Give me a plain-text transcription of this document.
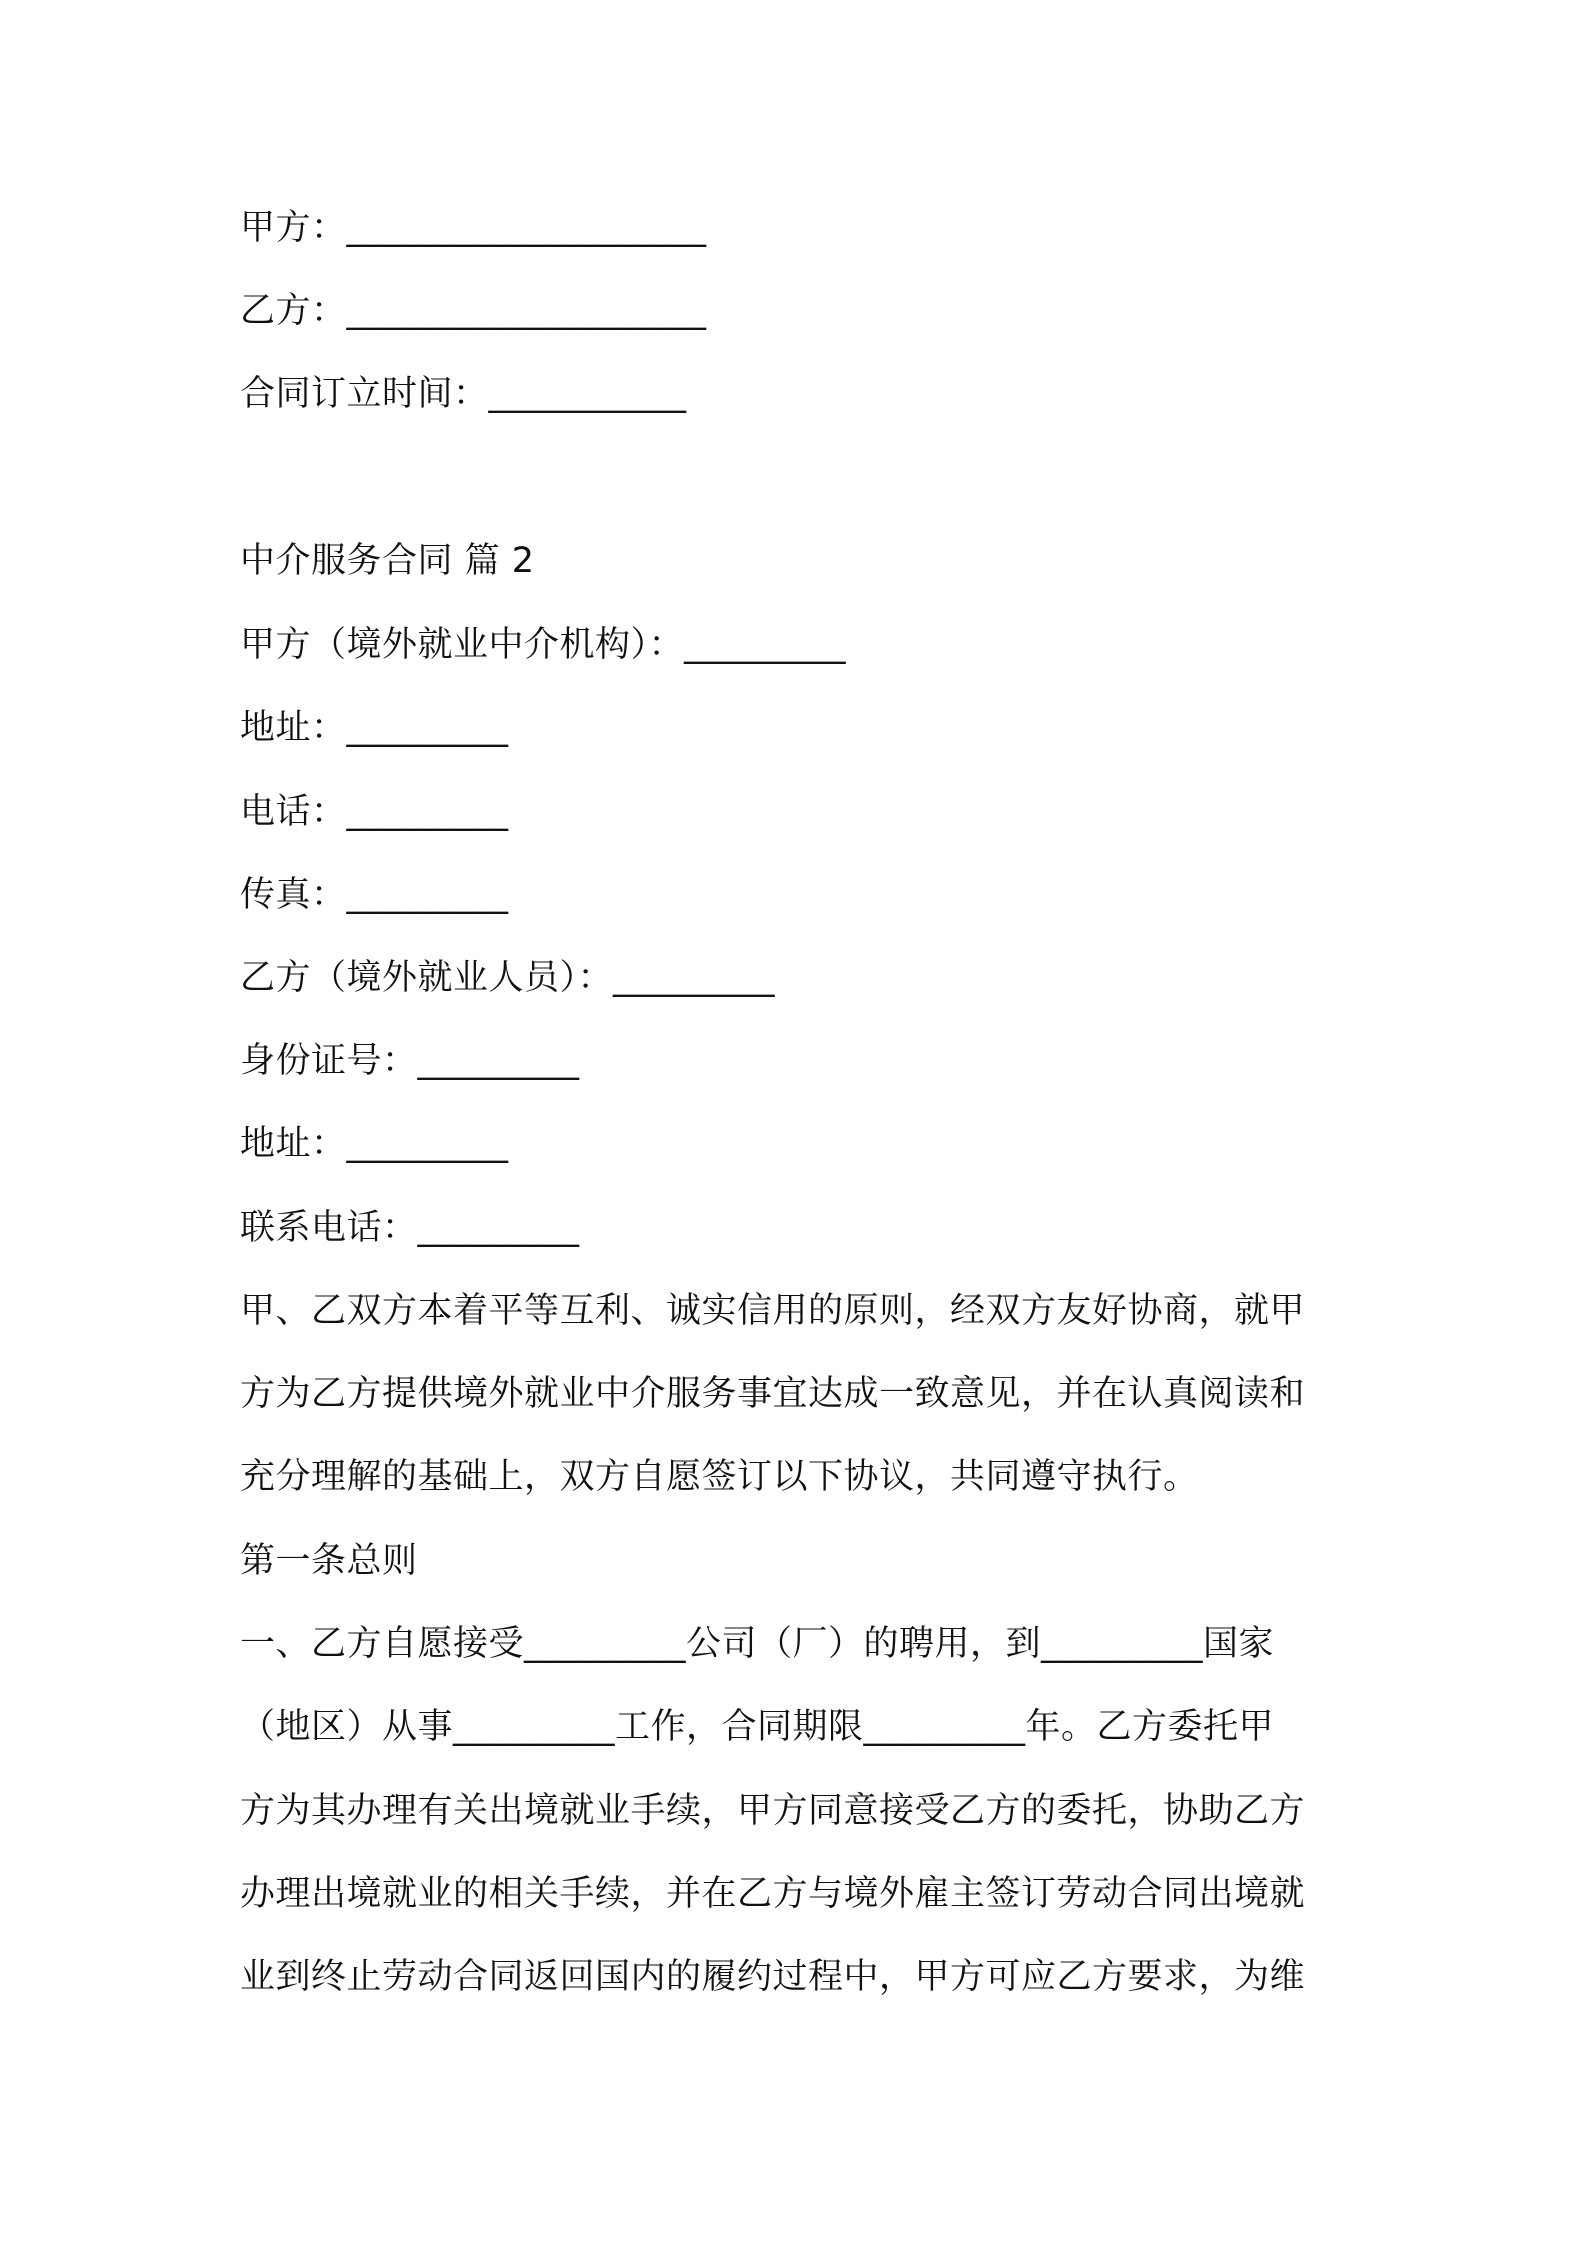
甲方：____________________
乙方：____________________
合同订立时间：___________
中介服务合同 篇 2
甲方（境外就业中介机构）：_________
地址：_________
电话：_________
传真：_________
乙方（境外就业人员）：_________
身份证号：_________
地址：_________
联系电话：_________
甲、乙双方本着平等互利、诚实信用的原则，经双方友好协商，就甲
方为乙方提供境外就业中介服务事宜达成一致意见，并在认真阅读和
充分理解的基础上，双方自愿签订以下协议，共同遵守执行。
第一条总则
一、乙方自愿接受_________公司（厂）的聘用，到_________国家
（地区）从事_________工作，合同期限_________年。乙方委托甲
方为其办理有关出境就业手续，甲方同意接受乙方的委托，协助乙方
办理出境就业的相关手续，并在乙方与境外雇主签订劳动合同出境就
业到终止劳动合同返回国内的履约过程中，甲方可应乙方要求，为维
